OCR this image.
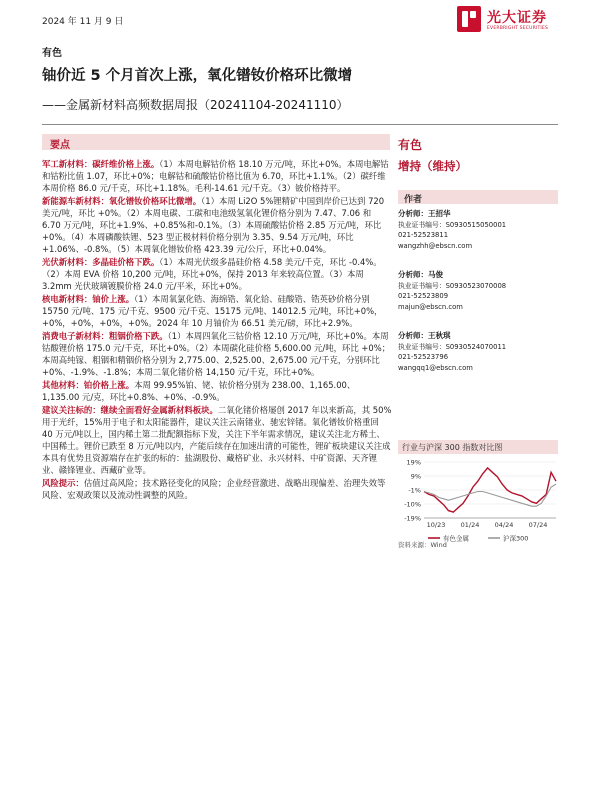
2024 年 11 月 9 日	光大证券
EVERBRIGHT SECURITIES
有色
铀价近 5 个月首次上涨，氧化镨钕价格环比微增
——金属新材料高频数据周报（20241104-20241110）
要点

军工新材料：碳纤维价格上涨。（1）本周电解钴价格 18.10 万元/吨，环比+0%。本周电解钴和钴粉比值 1.07，环比+0%；电解钴和硫酸钴价格比值为 6.70，环比+1.1%。（2）碳纤维本周价格 86.0 元/千克，环比+1.18%。毛利-14.61 元/千克。（3）铍价格持平。

新能源车新材料：氧化镨钕价格环比微增。（1）本周 Li2O 5%锂精矿中国到岸价已达到 720 美元/吨，环比 +0%。（2）本周电碳、工碳和电池级氢氧化锂价格分别为 7.47、7.06 和 6.70 万元/吨，环比+1.9%、+0.85%和-0.1%。（3）本周硫酸钴价格 2.85 万元/吨，环比+0%。（4）本周磷酸铁锂、523 型正极材料价格分别为 3.35、9.54 万元/吨，环比+1.06%、-0.8%。（5）本周氧化镨钕价格 423.39 元/公斤，环比+0.04%。

光伏新材料：多晶硅价格下跌。（1）本周光伏级多晶硅价格 4.58 美元/千克，环比 -0.4%。（2）本周 EVA 价格 10,200 元/吨，环比+0%，保持 2013 年来较高位置。（3）本周 3.2mm 光伏玻璃镀膜价格 24.0 元/平米，环比+0%。

核电新材料：铀价上涨。（1）本周氧氯化锆、海绵锆、氧化铪、硅酸锆、锆英砂价格分别 15750 元/吨、175 元/千克、9500 元/千克、15175 元/吨、14012.5 元/吨，环比+0%，+0%，+0%，+0%，+0%。2024 年 10 月铀价为 66.51 美元/磅，环比+2.9%。

消费电子新材料：粗铟价格下跌。（1）本周四氧化三钴价格 12.10 万元/吨，环比+0%。本周钴酸锂价格 175.0 元/千克，环比+0%。（2）本周碳化硅价格 5,600.00 元/吨，环比 +0%；本周高纯镓、粗铟和精铟价格分别为 2,775.00、2,525.00、2,675.00 元/千克，分别环比+0%、-1.9%、-1.8%；本周二氧化锗价格 14,150 元/千克，环比+0%。

其他材料：铂价格上涨。本周 99.95%铂、铑、铱价格分别为 238.00、1,165.00、1,135.00 元/克，环比+0.8%、+0%、-0.9%。

建议关注标的：继续全面看好金属新材料板块。二氧化锗价格屡创 2017 年以来新高，其 50%用于光纤，15%用于电子和太阳能器件，建议关注云南锗业、驰宏锌锗。氧化镨钕价格重回 40 万元/吨以上，国内稀土第二批配额指标下发，关注下半年需求情况，建议关注北方稀土、中国稀土。锂价已跌至 8 万元/吨以内，产能后续存在加速出清的可能性，锂矿板块建议关注成本具有优势且资源端存在扩张的标的：盐湖股份、藏格矿业、永兴材料、中矿资源、天齐锂业、赣锋锂业、西藏矿业等。

风险提示：估值过高风险；技术路径变化的风险；企业经营激进、战略出现偏差、治理失效等风险、宏观政策以及流动性调整的风险。

有色
增持（维持）
作者
分析师：王招华
执业证书编号：S0930515050001
021-52523811
wangzhh@ebscn.com
分析师：马俊
执业证书编号：S0930523070008
021-52523809
majun@ebscn.com
分析师：王秋琪
执业证书编号：S0930524070011
021-52523796
wangqq1@ebscn.com
行业与沪深 300 指数对比图
19%
9%
-1%
-10%
-19%
10/23 01/24 04/24 07/24
有色金属	沪深300
资料来源：Wind
